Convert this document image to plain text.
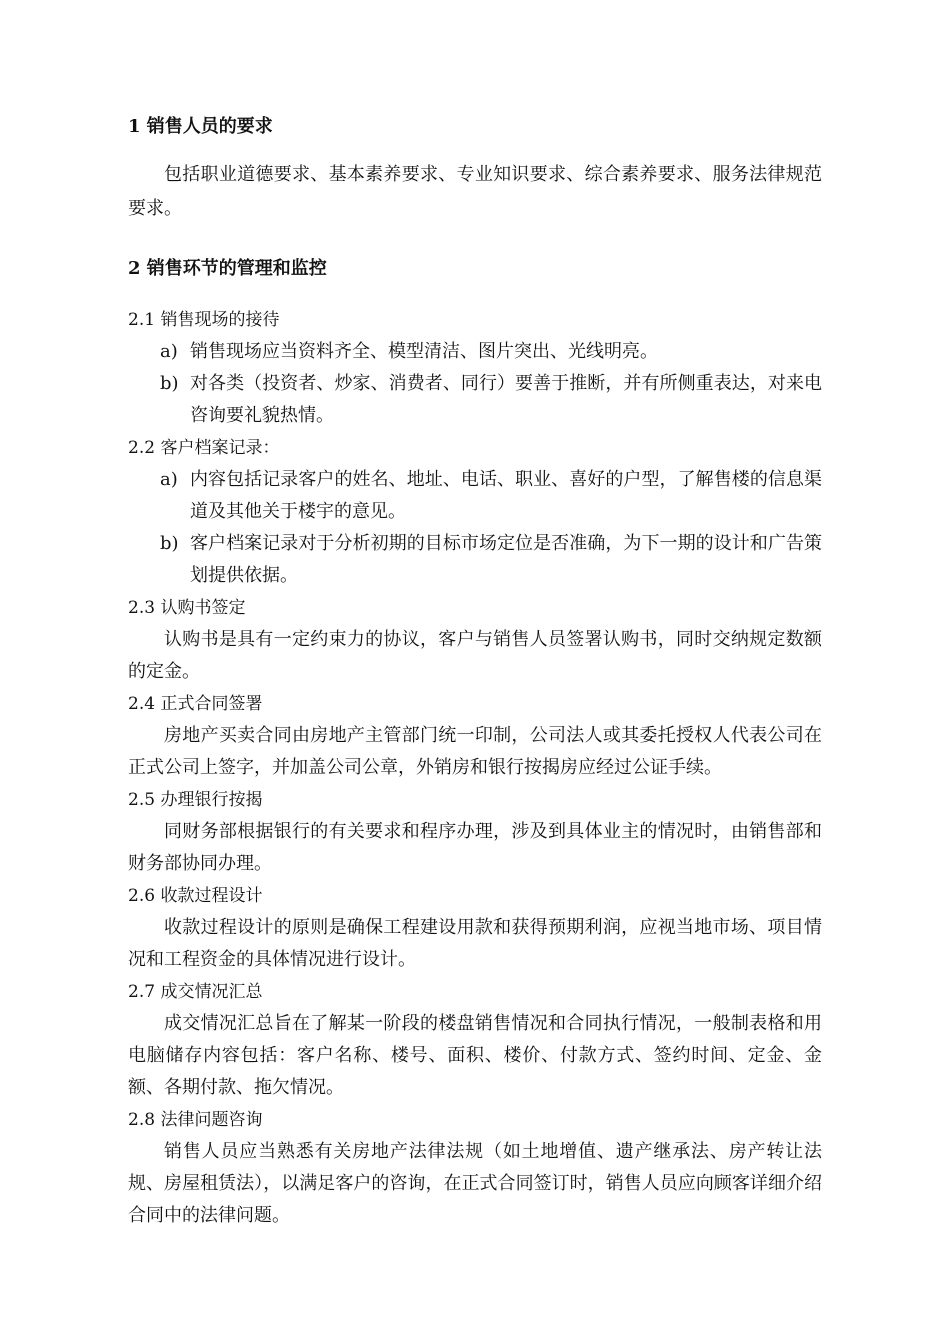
1 销售人员的要求

包括职业道德要求、基本素养要求、专业知识要求、综合素养要求、服务法律规范要求。

2 销售环节的管理和监控

2.1 销售现场的接待

a) 销售现场应当资料齐全、模型清洁、图片突出、光线明亮。
b) 对各类（投资者、炒家、消费者、同行）要善于推断，并有所侧重表达，对来电咨询要礼貌热情。

2.2 客户档案记录：

a) 内容包括记录客户的姓名、地址、电话、职业、喜好的户型，了解售楼的信息渠道及其他关于楼宇的意见。
b) 客户档案记录对于分析初期的目标市场定位是否准确，为下一期的设计和广告策划提供依据。

2.3 认购书签定

认购书是具有一定约束力的协议，客户与销售人员签署认购书，同时交纳规定数额的定金。

2.4 正式合同签署

房地产买卖合同由房地产主管部门统一印制，公司法人或其委托授权人代表公司在正式公司上签字，并加盖公司公章，外销房和银行按揭房应经过公证手续。

2.5 办理银行按揭

同财务部根据银行的有关要求和程序办理，涉及到具体业主的情况时，由销售部和财务部协同办理。

2.6 收款过程设计

收款过程设计的原则是确保工程建设用款和获得预期利润，应视当地市场、项目情况和工程资金的具体情况进行设计。

2.7 成交情况汇总

成交情况汇总旨在了解某一阶段的楼盘销售情况和合同执行情况，一般制表格和用电脑储存内容包括：客户名称、楼号、面积、楼价、付款方式、签约时间、定金、金额、各期付款、拖欠情况。

2.8 法律问题咨询

销售人员应当熟悉有关房地产法律法规（如土地增值、遗产继承法、房产转让法规、房屋租赁法），以满足客户的咨询，在正式合同签订时，销售人员应向顾客详细介绍合同中的法律问题。
